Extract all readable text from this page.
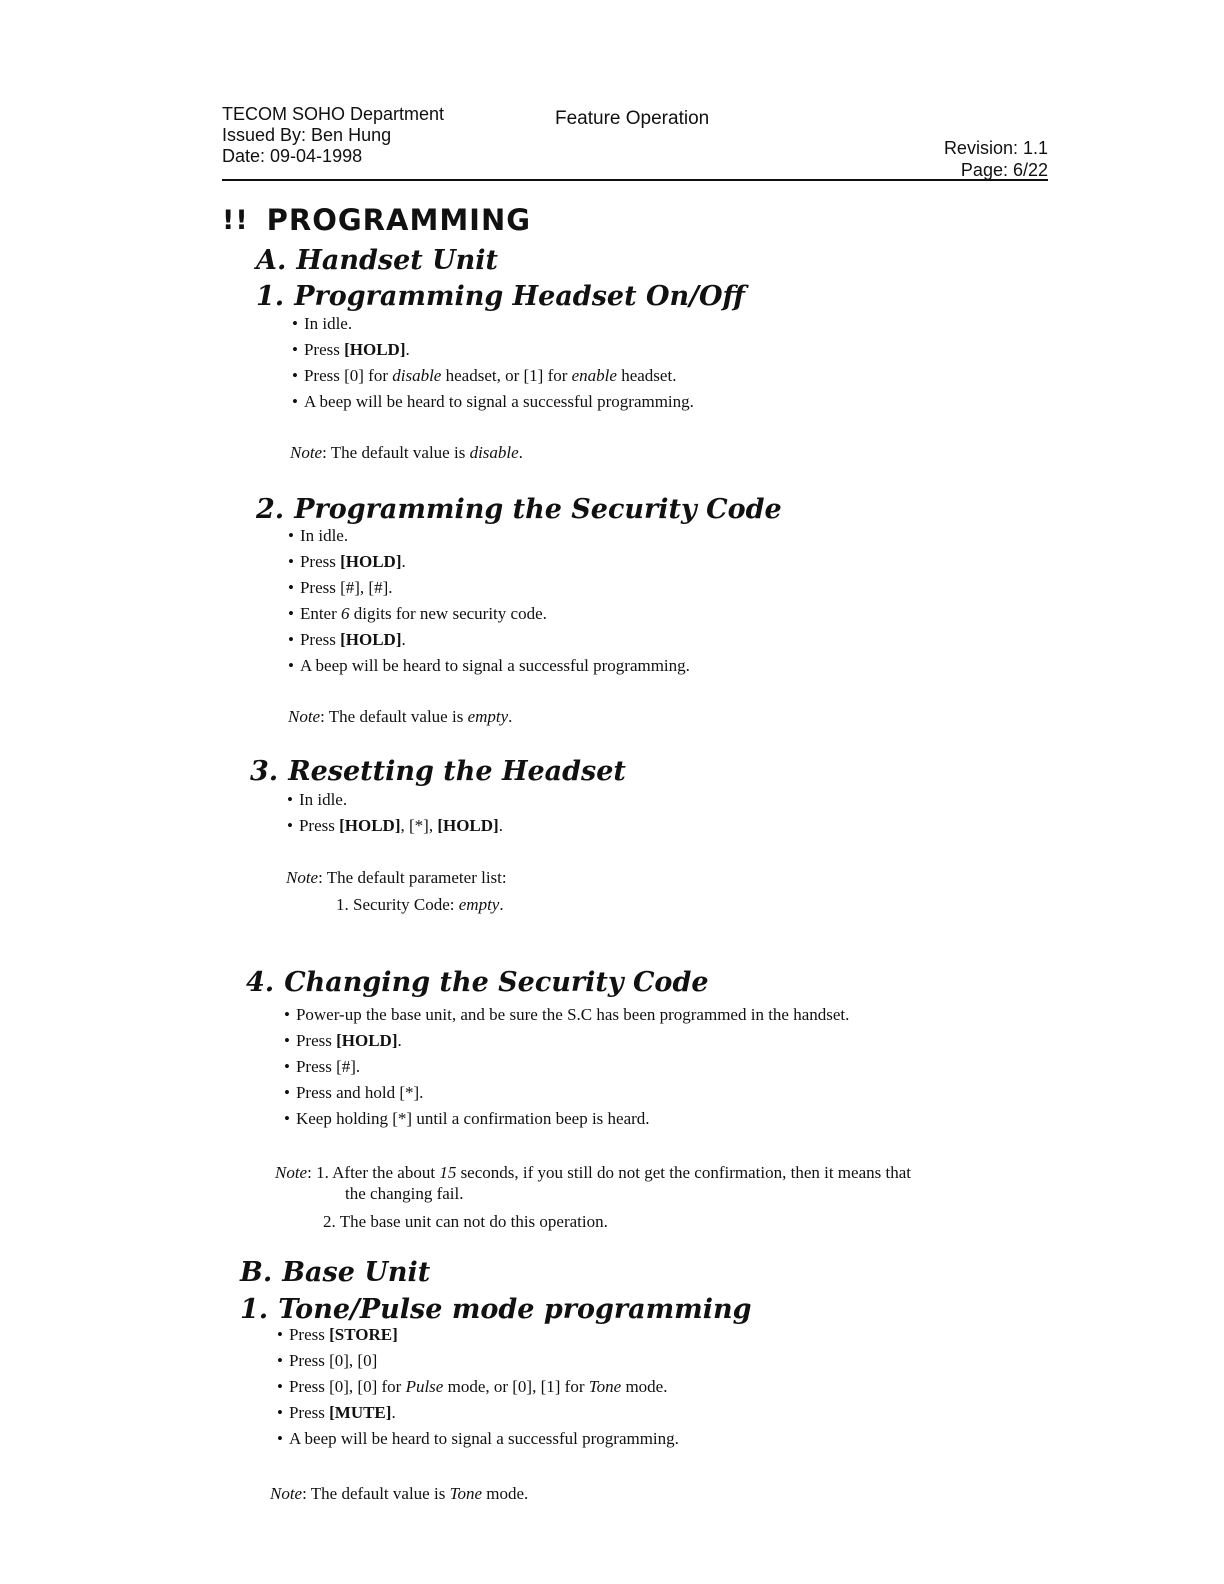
TECOM SOHO Department
Issued By: Ben Hung
Date: 09-04-1998
Feature Operation
Revision: 1.1
Page: 6/22
!! PROGRAMMING
A. Handset Unit
1. Programming Headset On/Off
• In idle.
• Press [HOLD].
• Press [0] for disable headset, or [1] for enable headset.
• A beep will be heard to signal a successful programming.
Note: The default value is disable.
2. Programming the Security Code
• In idle.
• Press [HOLD].
• Press [#], [#].
• Enter 6 digits for new security code.
• Press [HOLD].
• A beep will be heard to signal a successful programming.
Note: The default value is empty.
3. Resetting the Headset
• In idle.
• Press [HOLD], [*], [HOLD].
Note: The default parameter list:
1. Security Code: empty.
4. Changing the Security Code
• Power-up the base unit, and be sure the S.C has been programmed in the handset.
• Press [HOLD].
• Press [#].
• Press and hold [*].
• Keep holding [*] until a confirmation beep is heard.
Note: 1. After the about 15 seconds, if you still do not get the confirmation, then it means that
the changing fail.
2. The base unit can not do this operation.
B. Base Unit
1. Tone/Pulse mode programming
• Press [STORE]
• Press [0], [0]
• Press [0], [0] for Pulse mode, or [0], [1] for Tone mode.
• Press [MUTE].
• A beep will be heard to signal a successful programming.
Note: The default value is Tone mode.
